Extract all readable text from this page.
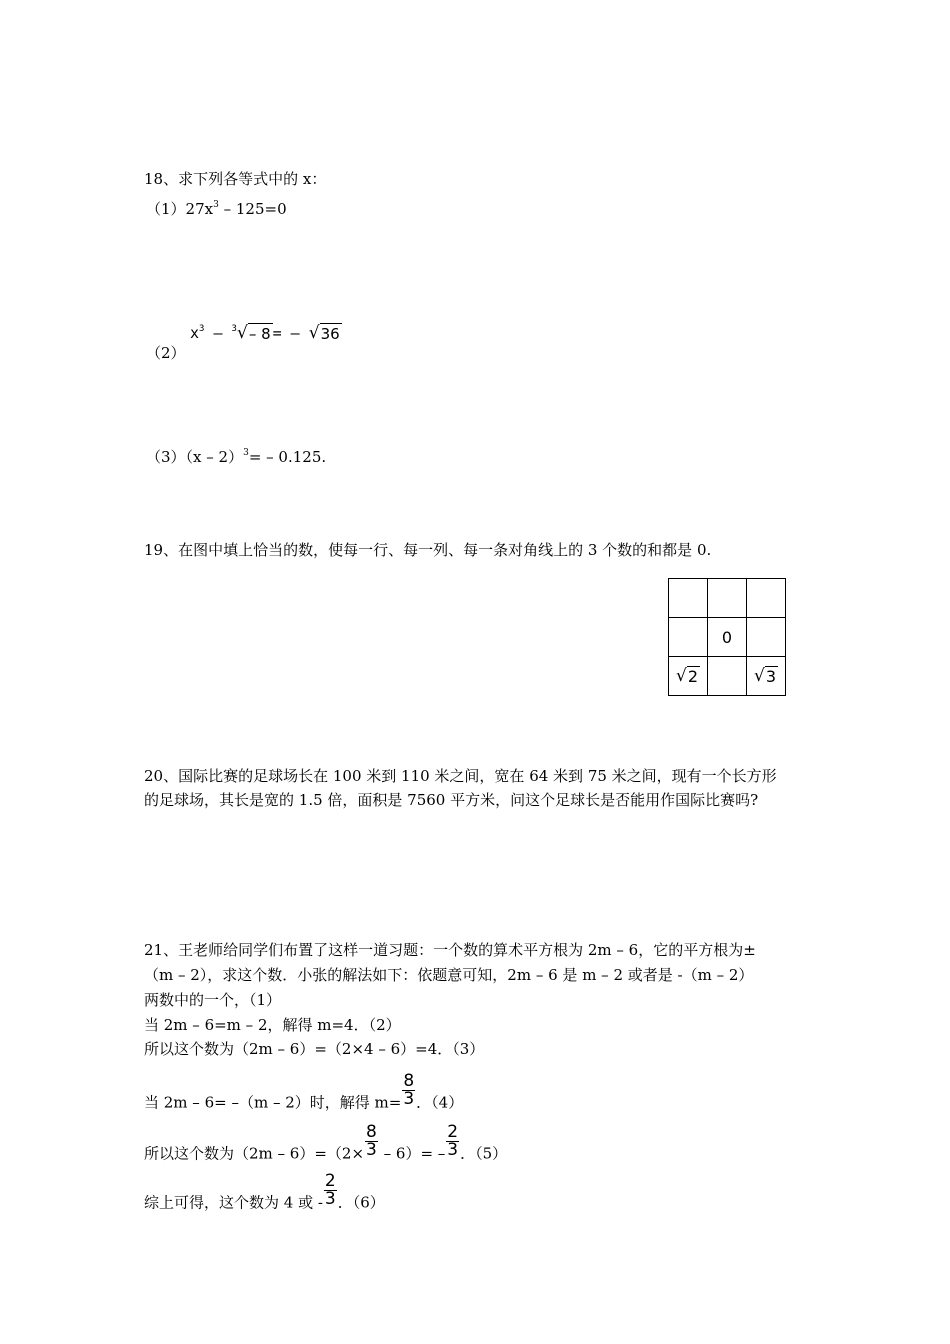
18、求下列各等式中的 x：
$(1)27x^3 - 125=0$
（2）
$x^3 - ^3$ √ – 8 = – √ 36
（3）（x – 2）$^3$= – 0.125.
19、在图中填上恰当的数，使每一行、每一列、每一条对角线上的 3 个数的和都是 0.

	0	

√ 2		√ 3
20、国际比赛的足球场长在 100 米到 110 米之间，宽在 64 米到 75 米之间，现有一个长方形
的足球场，其长是宽的 1.5 倍，面积是 7560 平方米，问这个足球长是否能用作国际比赛吗?
21、王老师给同学们布置了这样一道习题：一个数的算术平方根为 2m – 6，它的平方根为±
（m – 2），求这个数．小张的解法如下：依题意可知，2m – 6 是 m – 2 或者是 -（m – 2）
两数中的一个，（1）
当 2m – 6=m – 2，解得 m=4．（2）
所以这个数为（2m – 6）=（2×4 – 6）=4．（3）
当 2m – 6= –（m – 2）时，解得 $m= \frac{8}{3}$ ．（4）
所以这个数为$(2m - 6)=(2\times \frac{8}{3} - 6)= - \frac{2}{3}$ ．（5）
综上可得，这个数为 4 或 - $\frac{2}{3}$ ．（6）
